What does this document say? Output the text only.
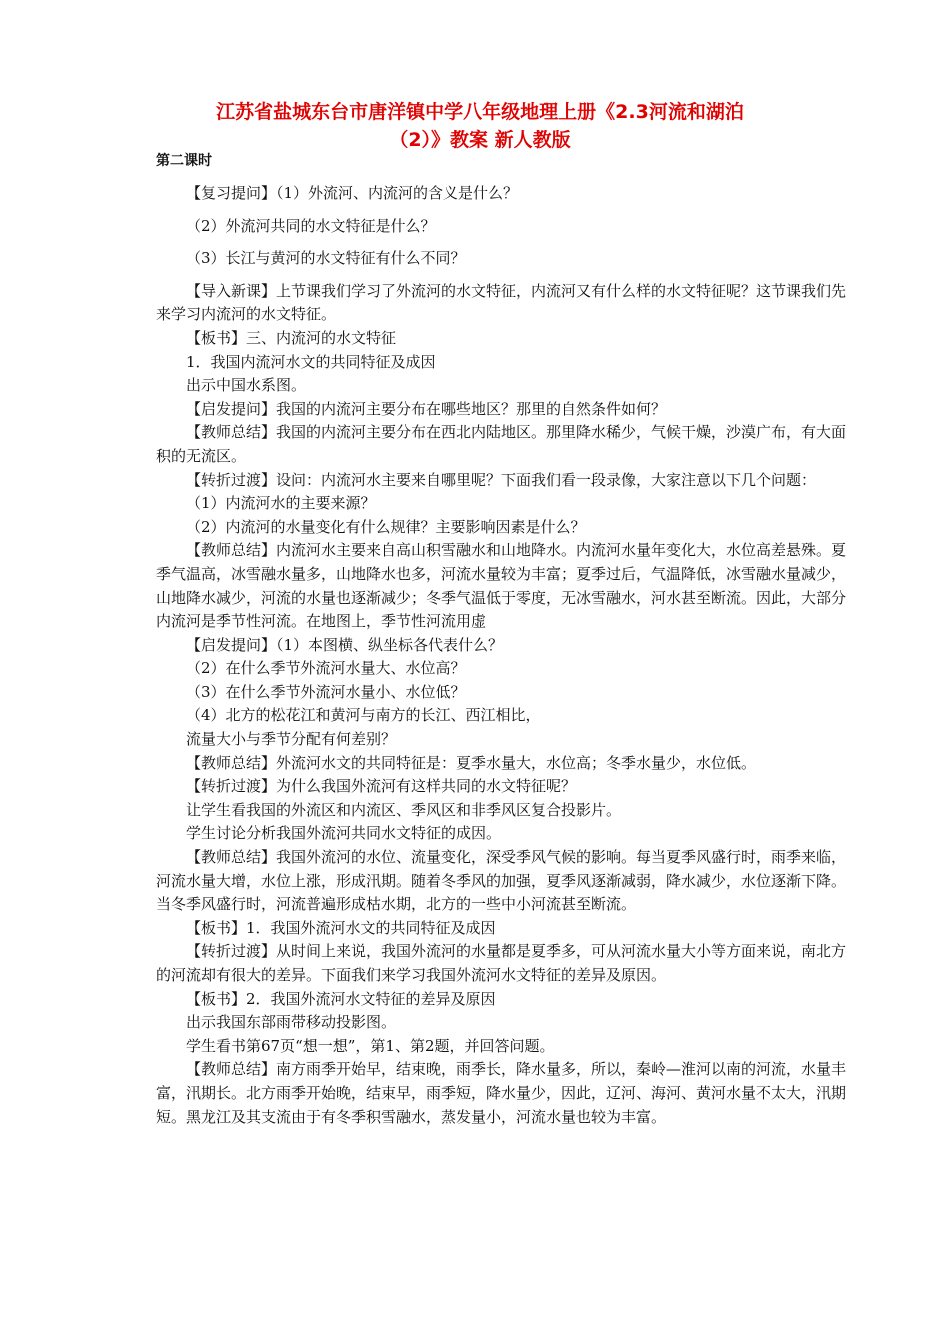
江苏省盐城东台市唐洋镇中学八年级地理上册《2.3河流和湖泊
（2）》教案 新人教版
第二课时

【复习提问】（1）外流河、内流河的含义是什么？

（2）外流河共同的水文特征是什么？

（3）长江与黄河的水文特征有什么不同？

【导入新课】上节课我们学习了外流河的水文特征，内流河又有什么样的水文特征呢？这节课我们先来学习内流河的水文特征。

【板书】三、内流河的水文特征

1．我国内流河水文的共同特征及成因

出示中国水系图。

【启发提问】我国的内流河主要分布在哪些地区？那里的自然条件如何？

【教师总结】我国的内流河主要分布在西北内陆地区。那里降水稀少，气候干燥，沙漠广布，有大面积的无流区。

【转折过渡】设问：内流河水主要来自哪里呢？下面我们看一段录像，大家注意以下几个问题：

（1）内流河水的主要来源？

（2）内流河的水量变化有什么规律？主要影响因素是什么？

【教师总结】内流河水主要来自高山积雪融水和山地降水。内流河水量年变化大，水位高差悬殊。夏季气温高，冰雪融水量多，山地降水也多，河流水量较为丰富；夏季过后，气温降低，冰雪融水量减少，山地降水减少，河流的水量也逐渐减少；冬季气温低于零度，无冰雪融水，河水甚至断流。因此，大部分内流河是季节性河流。在地图上，季节性河流用虚

【启发提问】（1）本图横、纵坐标各代表什么？

（2）在什么季节外流河水量大、水位高？

（3）在什么季节外流河水量小、水位低？

（4）北方的松花江和黄河与南方的长江、西江相比，

流量大小与季节分配有何差别？

【教师总结】外流河水文的共同特征是：夏季水量大，水位高；冬季水量少，水位低。

【转折过渡】为什么我国外流河有这样共同的水文特征呢？

让学生看我国的外流区和内流区、季风区和非季风区复合投影片。

学生讨论分析我国外流河共同水文特征的成因。

【教师总结】我国外流河的水位、流量变化，深受季风气候的影响。每当夏季风盛行时，雨季来临，河流水量大增，水位上涨，形成汛期。随着冬季风的加强，夏季风逐渐减弱，降水减少，水位逐渐下降。当冬季风盛行时，河流普遍形成枯水期，北方的一些中小河流甚至断流。

【板书】1．我国外流河水文的共同特征及成因

【转折过渡】从时间上来说，我国外流河的水量都是夏季多，可从河流水量大小等方面来说，南北方的河流却有很大的差异。下面我们来学习我国外流河水文特征的差异及原因。

【板书】2．我国外流河水文特征的差异及原因

出示我国东部雨带移动投影图。

学生看书第67页“想一想”，第1、第2题，并回答问题。

【教师总结】南方雨季开始早，结束晚，雨季长，降水量多，所以，秦岭—淮河以南的河流，水量丰富，汛期长。北方雨季开始晚，结束早，雨季短，降水量少，因此，辽河、海河、黄河水量不太大，汛期短。黑龙江及其支流由于有冬季积雪融水，蒸发量小，河流水量也较为丰富。
